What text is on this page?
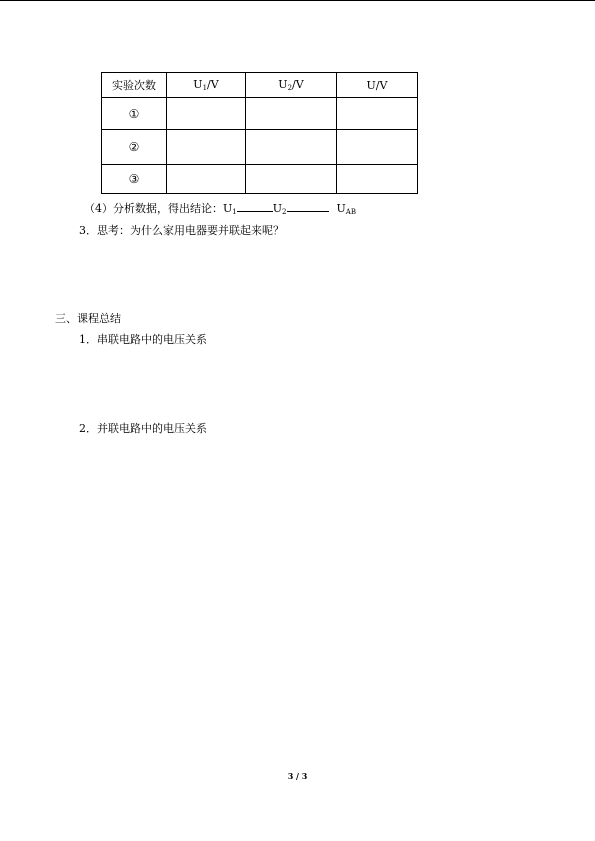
实验次数	$U_1/V$	$U_2/V$	U/V
①			
②			
③			
（4）分析数据，得出结论：$U_1$	$U_2$	$U_{AB}$
3．思考：为什么家用电器要并联起来呢？
三、课程总结
1．串联电路中的电压关系
2．并联电路中的电压关系
3 / 3
